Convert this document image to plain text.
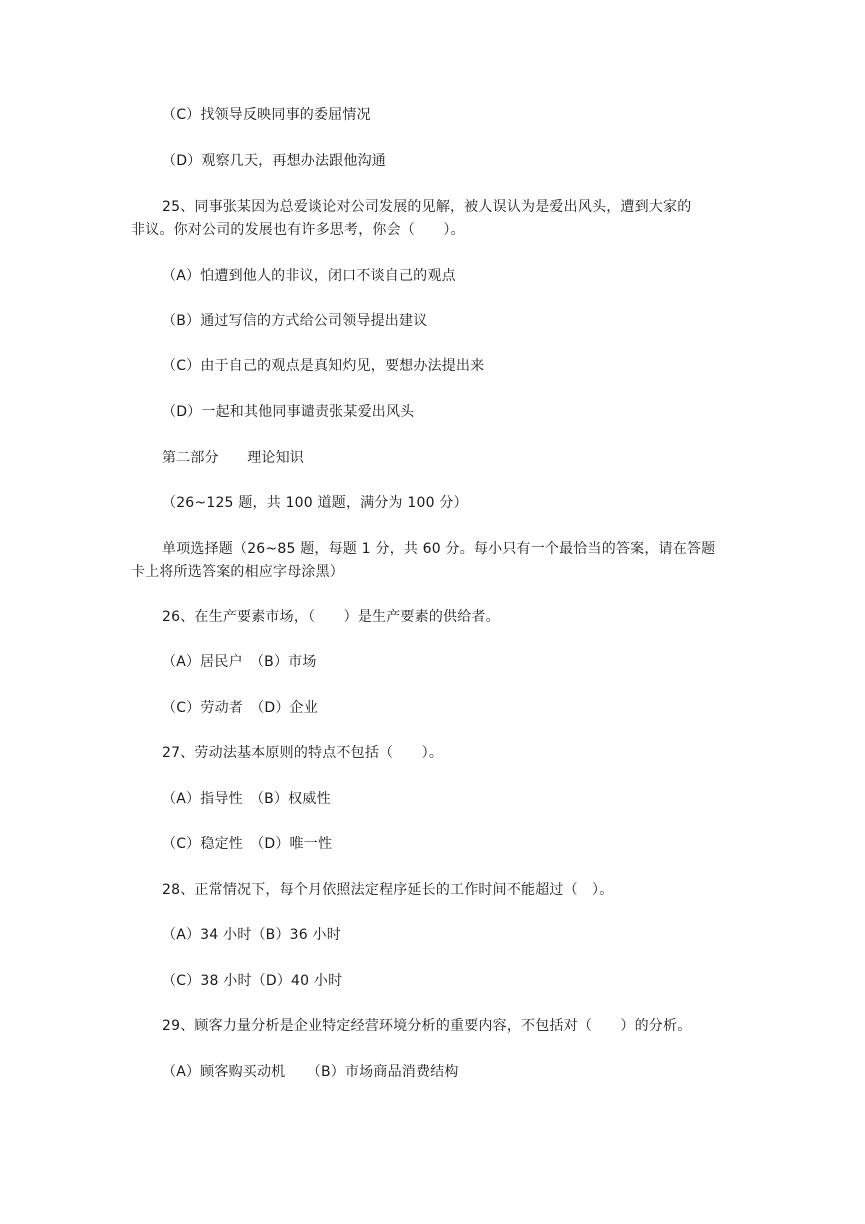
（C）找领导反映同事的委屈情况
（D）观察几天，再想办法跟他沟通
25、同事张某因为总爱谈论对公司发展的见解，被人误认为是爱出风头，遭到大家的
非议。你对公司的发展也有许多思考，你会（　　）。
（A）怕遭到他人的非议，闭口不谈自己的观点
（B）通过写信的方式给公司领导提出建议
（C）由于自己的观点是真知灼见，要想办法提出来
（D）一起和其他同事谴责张某爱出风头
第二部分　　理论知识
（26~125 题，共 100 道题，满分为 100 分）
单项选择题（26~85 题，每题 1 分，共 60 分。每小只有一个最恰当的答案，请在答题
卡上将所选答案的相应字母涂黑）
26、在生产要素市场，（　　）是生产要素的供给者。
（A）居民户　（B）市场
（C）劳动者　（D）企业
27、劳动法基本原则的特点不包括（　　）。
（A）指导性　（B）权威性
（C）稳定性　（D）唯一性
28、正常情况下，每个月依照法定程序延长的工作时间不能超过（　）。
（A）34 小时（B）36 小时
（C）38 小时（D）40 小时
29、顾客力量分析是企业特定经营环境分析的重要内容，不包括对（　　）的分析。
（A）顾客购买动机　　（B）市场商品消费结构
